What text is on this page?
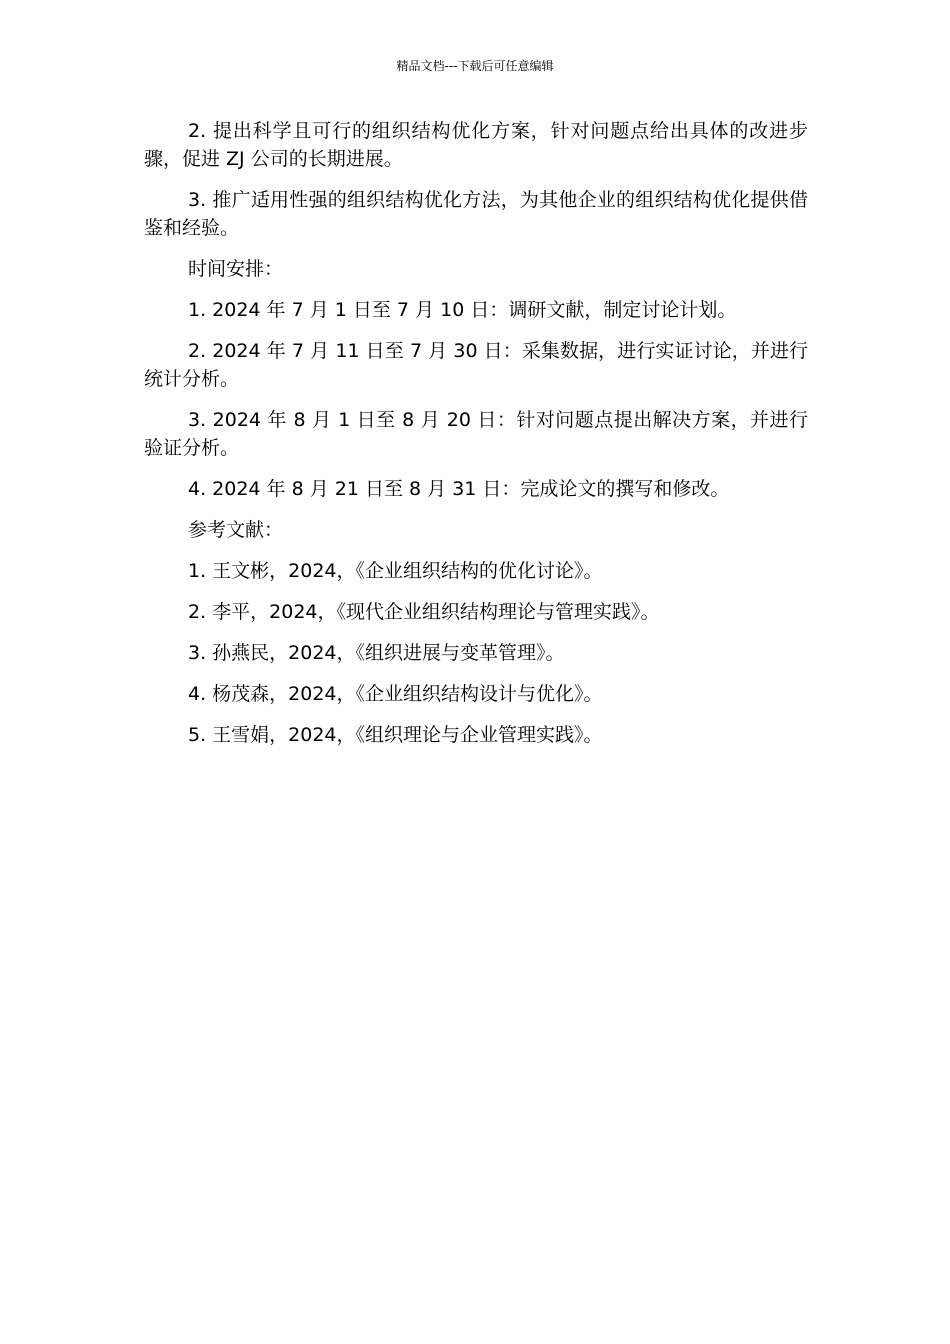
精品文档---下载后可任意编辑

2. 提出科学且可行的组织结构优化方案，针对问题点给出具体的改进步骤，促进 ZJ 公司的长期进展。

3. 推广适用性强的组织结构优化方法，为其他企业的组织结构优化提供借鉴和经验。

时间安排：

1. 2024 年 7 月 1 日至 7 月 10 日：调研文献，制定讨论计划。

2. 2024 年 7 月 11 日至 7 月 30 日：采集数据，进行实证讨论，并进行统计分析。

3. 2024 年 8 月 1 日至 8 月 20 日：针对问题点提出解决方案，并进行验证分析。

4. 2024 年 8 月 21 日至 8 月 31 日：完成论文的撰写和修改。

参考文献：

1. 王文彬，2024，《企业组织结构的优化讨论》。

2. 李平，2024，《现代企业组织结构理论与管理实践》。

3. 孙燕民，2024，《组织进展与变革管理》。

4. 杨茂森，2024，《企业组织结构设计与优化》。

5. 王雪娟，2024，《组织理论与企业管理实践》。
